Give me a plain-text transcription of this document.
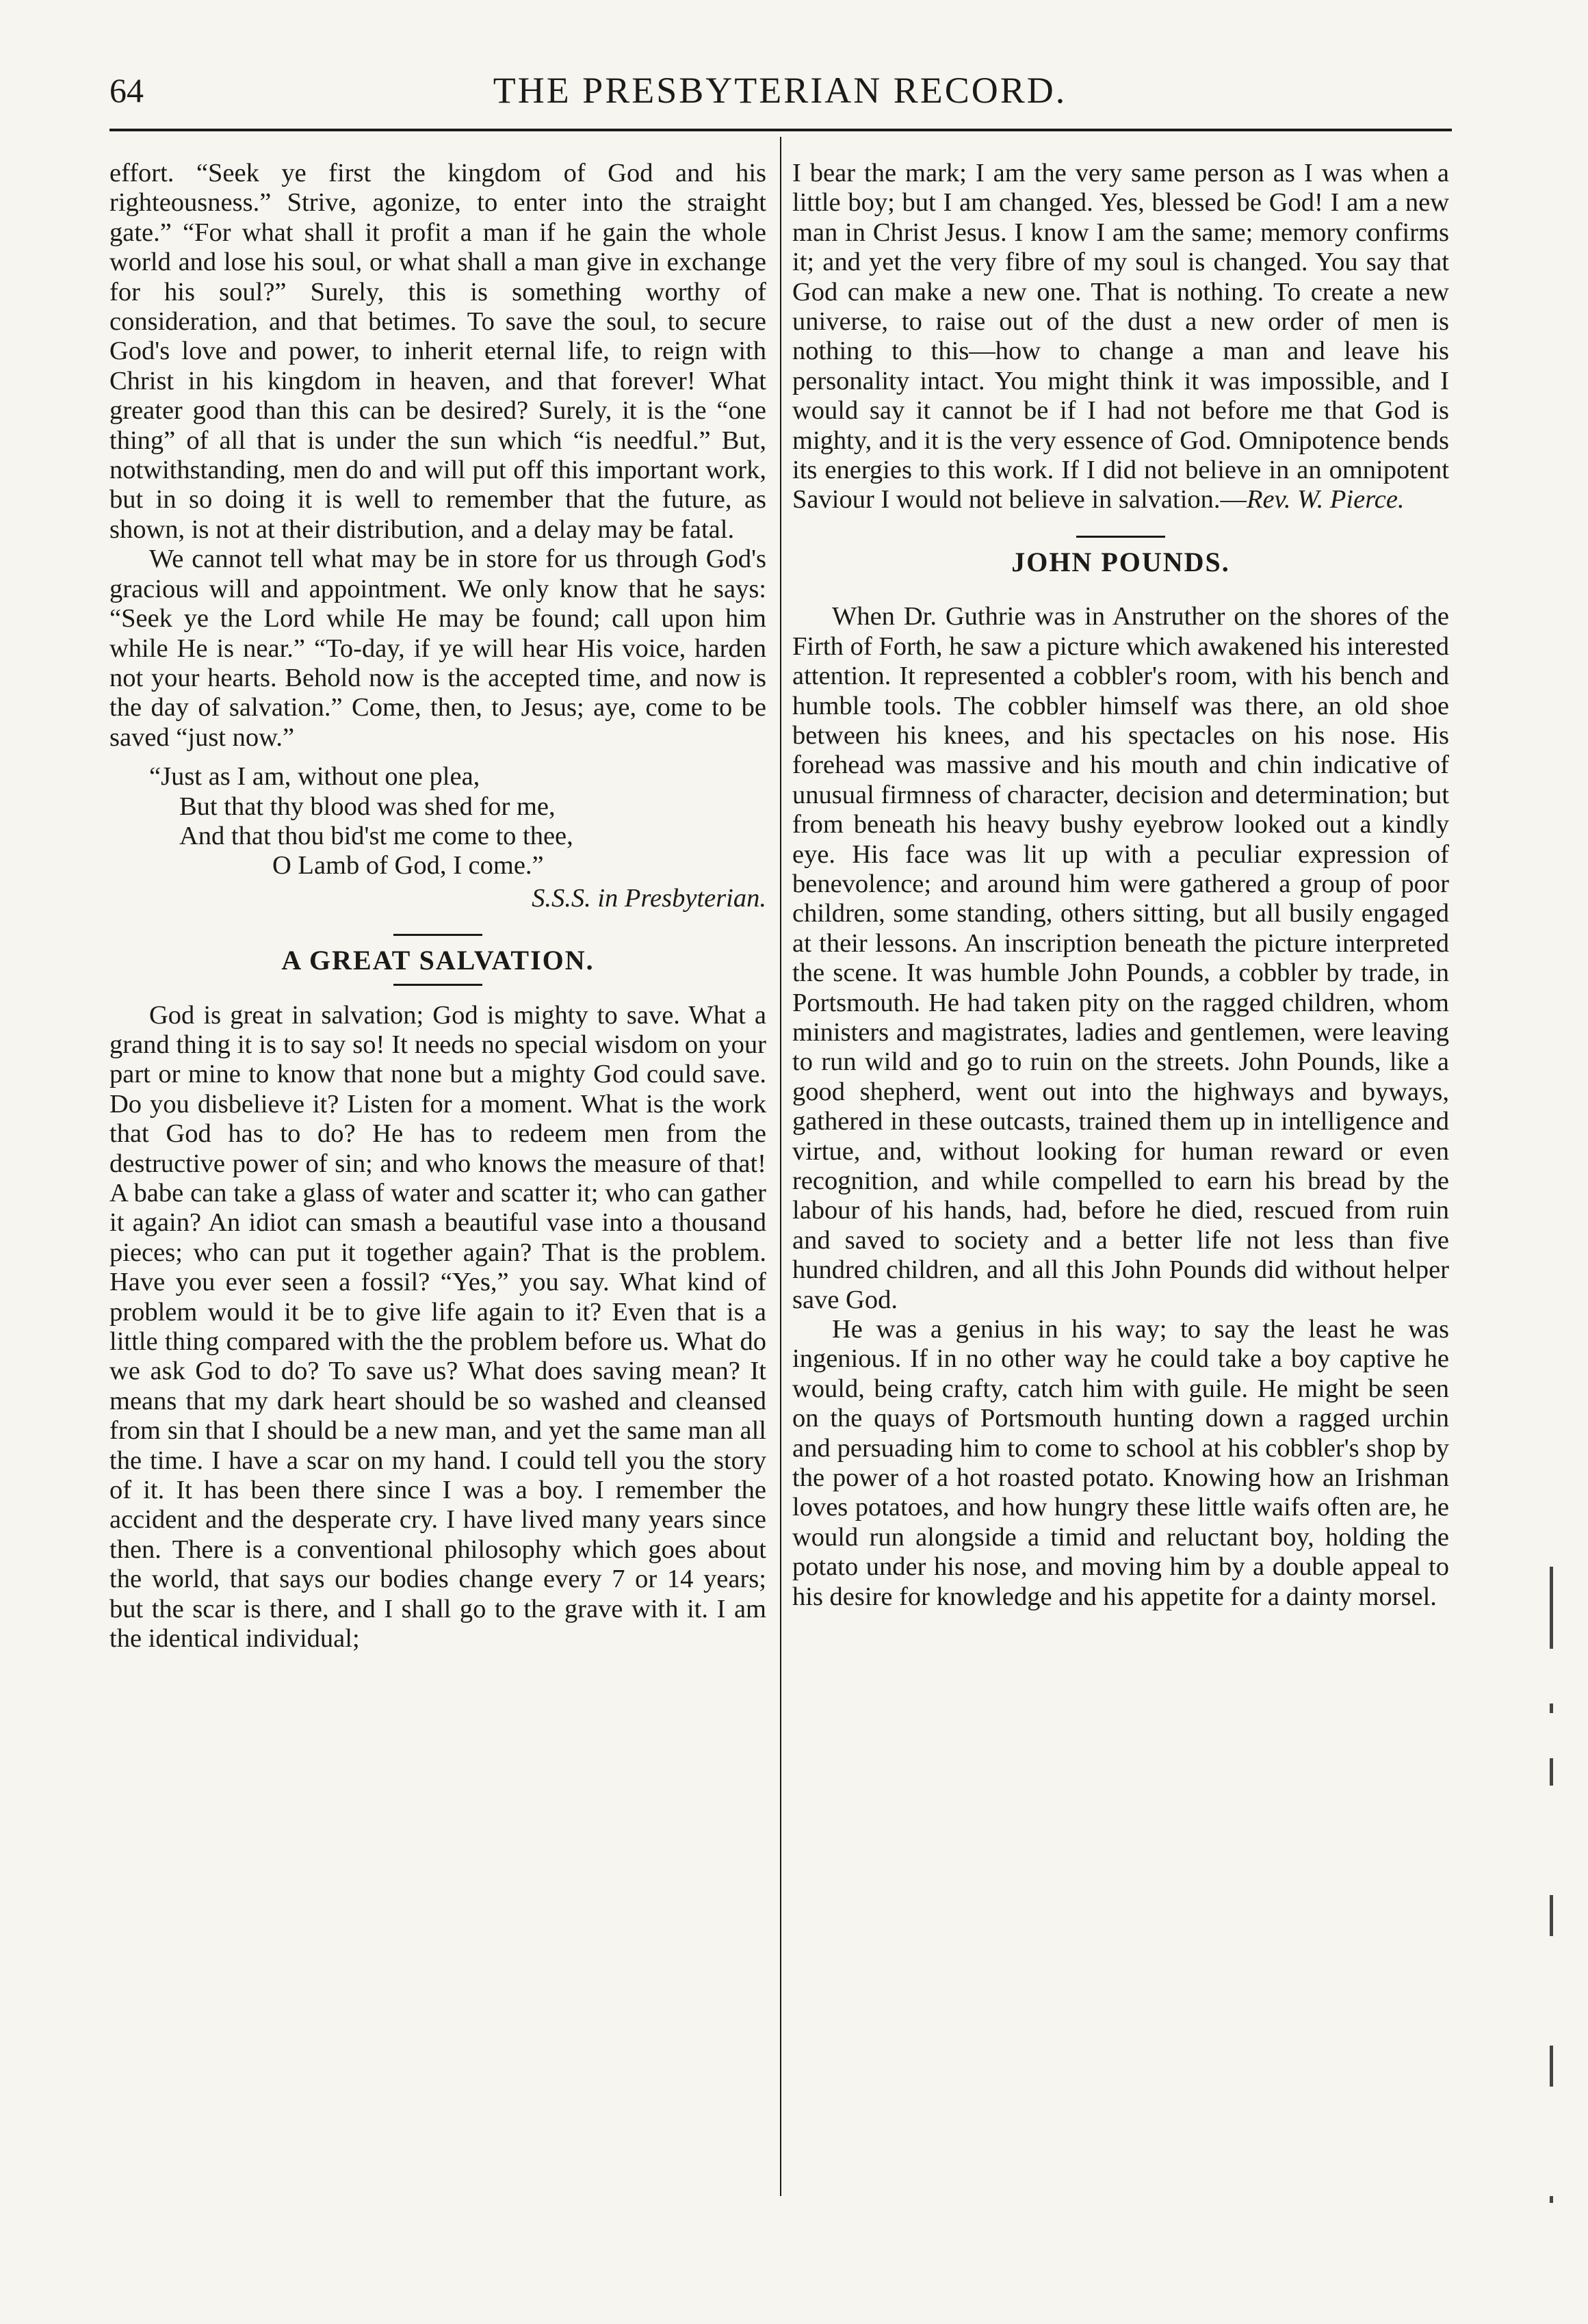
64	THE PRESBYTERIAN RECORD.

effort. “Seek ye first the kingdom of God and his righteousness.” Strive, agonize, to enter into the straight gate.” “For what shall it profit a man if he gain the whole world and lose his soul, or what shall a man give in exchange for his soul?” Surely, this is something worthy of consideration, and that betimes. To save the soul, to secure God's love and power, to inherit eternal life, to reign with Christ in his kingdom in heaven, and that forever! What greater good than this can be desired? Surely, it is the “one thing” of all that is under the sun which “is needful.” But, notwithstanding, men do and will put off this important work, but in so doing it is well to remember that the future, as shown, is not at their distribution, and a delay may be fatal.

We cannot tell what may be in store for us through God's gracious will and appointment. We only know that he says: “Seek ye the Lord while He may be found; call upon him while He is near.” “To-day, if ye will hear His voice, harden not your hearts. Behold now is the accepted time, and now is the day of salvation.” Come, then, to Jesus; aye, come to be saved “just now.”

“Just as I am, without one plea,
But that thy blood was shed for me,
And that thou bid'st me come to thee,
O Lamb of God, I come.”
S.S.S. in Presbyterian.
A GREAT SALVATION.

God is great in salvation; God is mighty to save. What a grand thing it is to say so! It needs no special wisdom on your part or mine to know that none but a mighty God could save. Do you disbelieve it? Listen for a moment. What is the work that God has to do? He has to redeem men from the destructive power of sin; and who knows the measure of that! A babe can take a glass of water and scatter it; who can gather it again? An idiot can smash a beautiful vase into a thousand pieces; who can put it together again? That is the problem. Have you ever seen a fossil? “Yes,” you say. What kind of problem would it be to give life again to it? Even that is a little thing compared with the the problem before us. What do we ask God to do? To save us? What does saving mean? It means that my dark heart should be so washed and cleansed from sin that I should be a new man, and yet the same man all the time. I have a scar on my hand. I could tell you the story of it. It has been there since I was a boy. I remember the accident and the desperate cry. I have lived many years since then. There is a conventional philosophy which goes about the world, that says our bodies change every 7 or 14 years; but the scar is there, and I shall go to the grave with it. I am the identical individual;

I bear the mark; I am the very same person as I was when a little boy; but I am changed. Yes, blessed be God! I am a new man in Christ Jesus. I know I am the same; memory confirms it; and yet the very fibre of my soul is changed. You say that God can make a new one. That is nothing. To create a new universe, to raise out of the dust a new order of men is nothing to this—how to change a man and leave his personality intact. You might think it was impossible, and I would say it cannot be if I had not before me that God is mighty, and it is the very essence of God. Omnipotence bends its energies to this work. If I did not believe in an omnipotent Saviour I would not believe in salvation.—Rev. W. Pierce.

JOHN POUNDS.

When Dr. Guthrie was in Anstruther on the shores of the Firth of Forth, he saw a picture which awakened his interested attention. It represented a cobbler's room, with his bench and humble tools. The cobbler himself was there, an old shoe between his knees, and his spectacles on his nose. His forehead was massive and his mouth and chin indicative of unusual firmness of character, decision and determination; but from beneath his heavy bushy eyebrow looked out a kindly eye. His face was lit up with a peculiar expression of benevolence; and around him were gathered a group of poor children, some standing, others sitting, but all busily engaged at their lessons. An inscription beneath the picture interpreted the scene. It was humble John Pounds, a cobbler by trade, in Portsmouth. He had taken pity on the ragged children, whom ministers and magistrates, ladies and gentlemen, were leaving to run wild and go to ruin on the streets. John Pounds, like a good shepherd, went out into the highways and byways, gathered in these outcasts, trained them up in intelligence and virtue, and, without looking for human reward or even recognition, and while compelled to earn his bread by the labour of his hands, had, before he died, rescued from ruin and saved to society and a better life not less than five hundred children, and all this John Pounds did without helper save God.

He was a genius in his way; to say the least he was ingenious. If in no other way he could take a boy captive he would, being crafty, catch him with guile. He might be seen on the quays of Portsmouth hunting down a ragged urchin and persuading him to come to school at his cobbler's shop by the power of a hot roasted potato. Knowing how an Irishman loves potatoes, and how hungry these little waifs often are, he would run alongside a timid and reluctant boy, holding the potato under his nose, and moving him by a double appeal to his desire for knowledge and his appetite for a dainty morsel.
